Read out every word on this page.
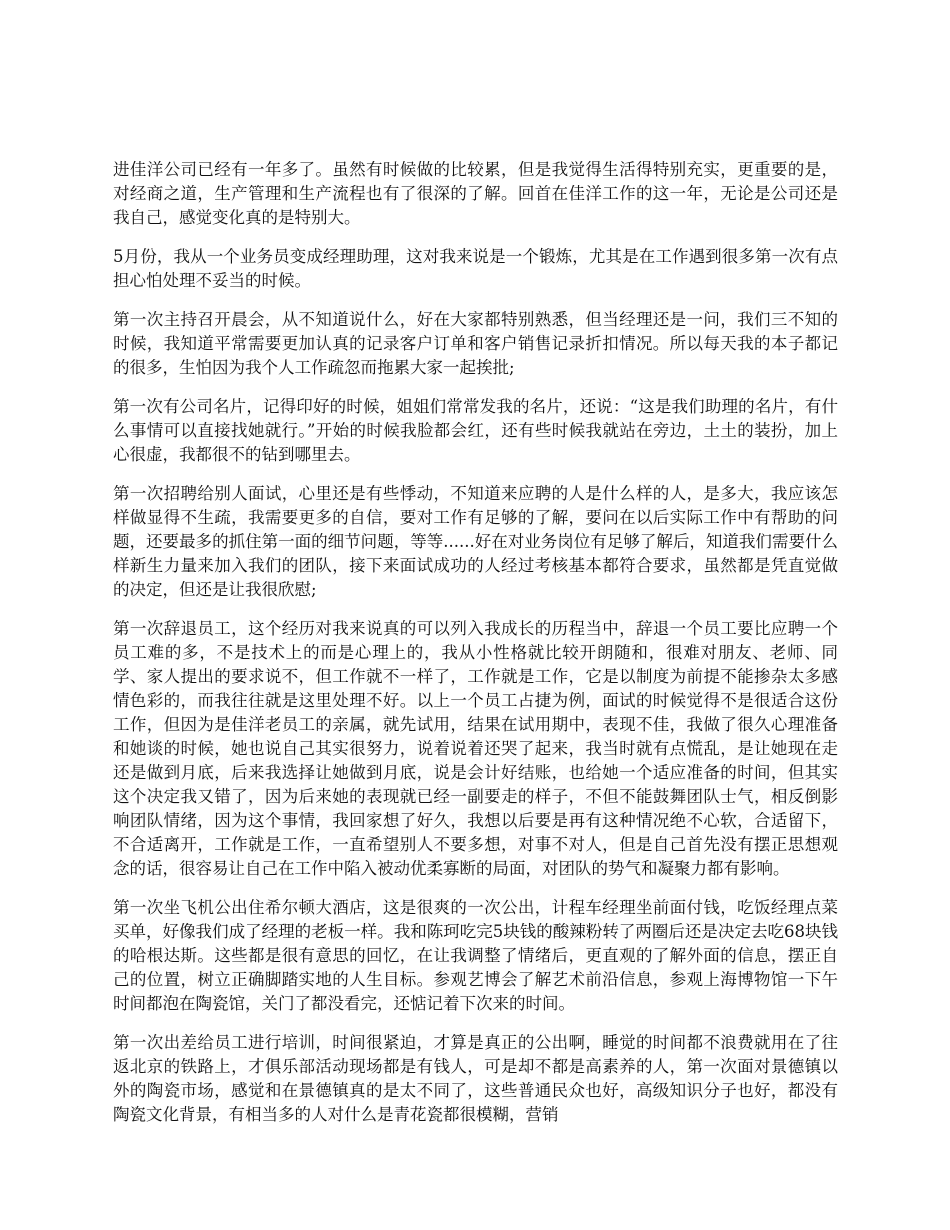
进佳洋公司已经有一年多了。虽然有时候做的比较累，但是我觉得生活得特别充实，更重要的是，对经商之道，生产管理和生产流程也有了很深的了解。回首在佳洋工作的这一年，无论是公司还是我自己，感觉变化真的是特别大。

5月份，我从一个业务员变成经理助理，这对我来说是一个锻炼，尤其是在工作遇到很多第一次有点担心怕处理不妥当的时候。

第一次主持召开晨会，从不知道说什么，好在大家都特别熟悉，但当经理还是一问，我们三不知的时候，我知道平常需要更加认真的记录客户订单和客户销售记录折扣情况。所以每天我的本子都记的很多，生怕因为我个人工作疏忽而拖累大家一起挨批;

第一次有公司名片，记得印好的时候，姐姐们常常发我的名片，还说：“这是我们助理的名片，有什么事情可以直接找她就行。”开始的时候我脸都会红，还有些时候我就站在旁边，土土的装扮，加上心很虚，我都很不的钻到哪里去。

第一次招聘给别人面试，心里还是有些悸动，不知道来应聘的人是什么样的人，是多大，我应该怎样做显得不生疏，我需要更多的自信，要对工作有足够的了解，要问在以后实际工作中有帮助的问题，还要最多的抓住第一面的细节问题，等等......好在对业务岗位有足够了解后，知道我们需要什么样新生力量来加入我们的团队，接下来面试成功的人经过考核基本都符合要求，虽然都是凭直觉做的决定，但还是让我很欣慰;

第一次辞退员工，这个经历对我来说真的可以列入我成长的历程当中，辞退一个员工要比应聘一个员工难的多，不是技术上的而是心理上的，我从小性格就比较开朗随和，很难对朋友、老师、同学、家人提出的要求说不，但工作就不一样了，工作就是工作，它是以制度为前提不能掺杂太多感情色彩的，而我往往就是这里处理不好。以上一个员工占捷为例，面试的时候觉得不是很适合这份工作，但因为是佳洋老员工的亲属，就先试用，结果在试用期中，表现不佳，我做了很久心理准备和她谈的时候，她也说自己其实很努力，说着说着还哭了起来，我当时就有点慌乱，是让她现在走还是做到月底，后来我选择让她做到月底，说是会计好结账，也给她一个适应准备的时间，但其实这个决定我又错了，因为后来她的表现就已经一副要走的样子，不但不能鼓舞团队士气，相反倒影响团队情绪，因为这个事情，我回家想了好久，我想以后要是再有这种情况绝不心软，合适留下，不合适离开，工作就是工作，一直希望别人不要多想，对事不对人，但是自己首先没有摆正思想观念的话，很容易让自己在工作中陷入被动优柔寡断的局面，对团队的势气和凝聚力都有影响。

第一次坐飞机公出住希尔顿大酒店，这是很爽的一次公出，计程车经理坐前面付钱，吃饭经理点菜买单，好像我们成了经理的老板一样。我和陈珂吃完5块钱的酸辣粉转了两圈后还是决定去吃68块钱的哈根达斯。这些都是很有意思的回忆，在让我调整了情绪后，更直观的了解外面的信息，摆正自己的位置，树立正确脚踏实地的人生目标。参观艺博会了解艺术前沿信息，参观上海博物馆一下午时间都泡在陶瓷馆，关门了都没看完，还惦记着下次来的时间。

第一次出差给员工进行培训，时间很紧迫，才算是真正的公出啊，睡觉的时间都不浪费就用在了往返北京的铁路上，才俱乐部活动现场都是有钱人，可是却不都是高素养的人，第一次面对景德镇以外的陶瓷市场，感觉和在景德镇真的是太不同了，这些普通民众也好，高级知识分子也好，都没有陶瓷文化背景，有相当多的人对什么是青花瓷都很模糊，营销
